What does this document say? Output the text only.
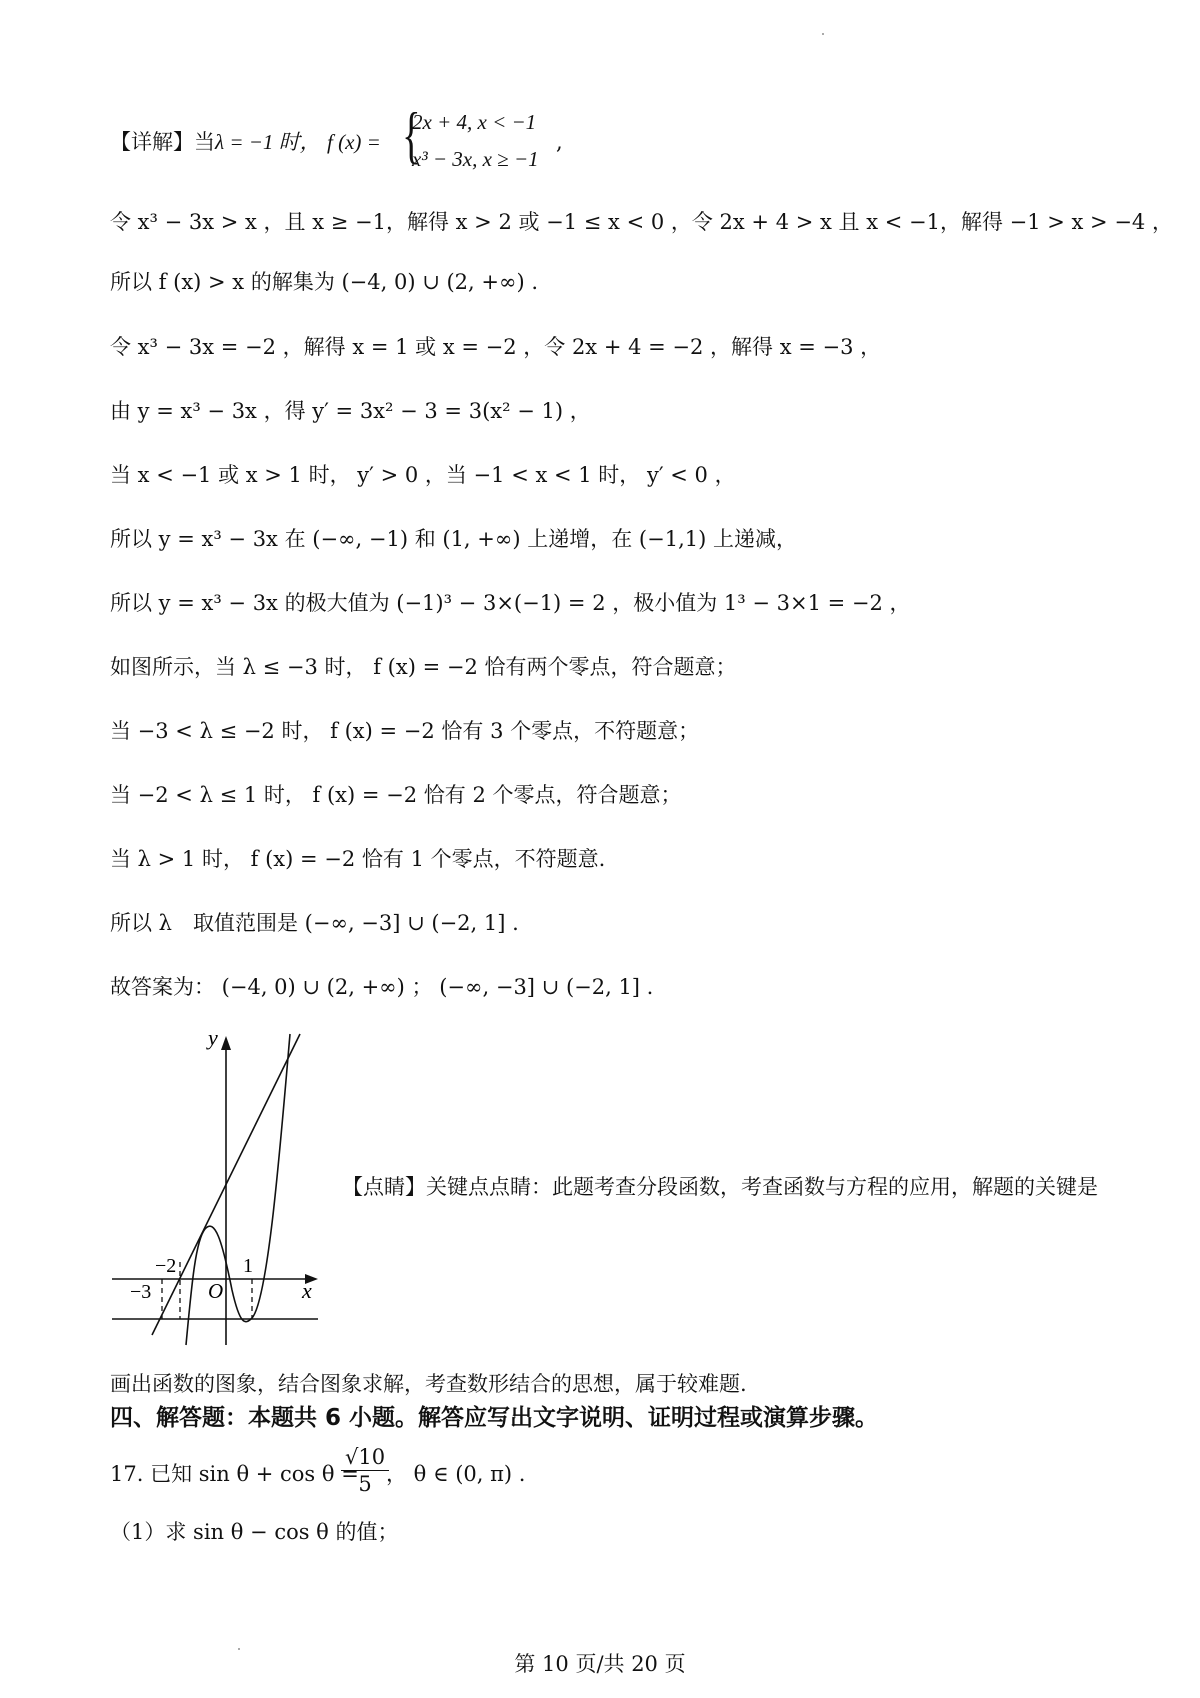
【详解】当λ = −1 时， f (x) = {
2x + 4, x < −1
x³ − 3x, x ≥ −1
,
令 x³ − 3x > x ，且 x ≥ −1，解得 x > 2 或 −1 ≤ x < 0 ，令 2x + 4 > x 且 x < −1，解得 −1 > x > −4 ，
所以 f (x) > x 的解集为 (−4, 0) ∪ (2, +∞) .
令 x³ − 3x = −2 ，解得 x = 1 或 x = −2 ，令 2x + 4 = −2 ，解得 x = −3 ，
由 y = x³ − 3x ，得 y′ = 3x² − 3 = 3(x² − 1) ，
当 x < −1 或 x > 1 时， y′ > 0 ，当 −1 < x < 1 时， y′ < 0 ，
所以 y = x³ − 3x 在 (−∞, −1) 和 (1, +∞) 上递增，在 (−1,1) 上递减，
所以 y = x³ − 3x 的极大值为 (−1)³ − 3×(−1) = 2 ，极小值为 1³ − 3×1 = −2 ，
如图所示，当 λ ≤ −3 时， f (x) = −2 恰有两个零点，符合题意；
当 −3 < λ ≤ −2 时， f (x) = −2 恰有 3 个零点，不符题意；
当 −2 < λ ≤ 1 时， f (x) = −2 恰有 2 个零点，符合题意；
当 λ > 1 时， f (x) = −2 恰有 1 个零点，不符题意.
所以 λ　取值范围是 (−∞, −3] ∪ (−2, 1] .
故答案为： (−4, 0) ∪ (2, +∞) ； (−∞, −3] ∪ (−2, 1] .
y
x
O
−2
−3
1
【点睛】关键点点睛：此题考查分段函数，考查函数与方程的应用，解题的关键是
画出函数的图象，结合图象求解，考查数形结合的思想，属于较难题.
四、解答题：本题共 6 小题。解答应写出文字说明、证明过程或演算步骤。
17. 已知 sin θ + cos θ =
$\frac{√10}{5}$
， θ ∈ (0, π) .
（1）求 sin θ − cos θ 的值；
第 10 页/共 20 页
